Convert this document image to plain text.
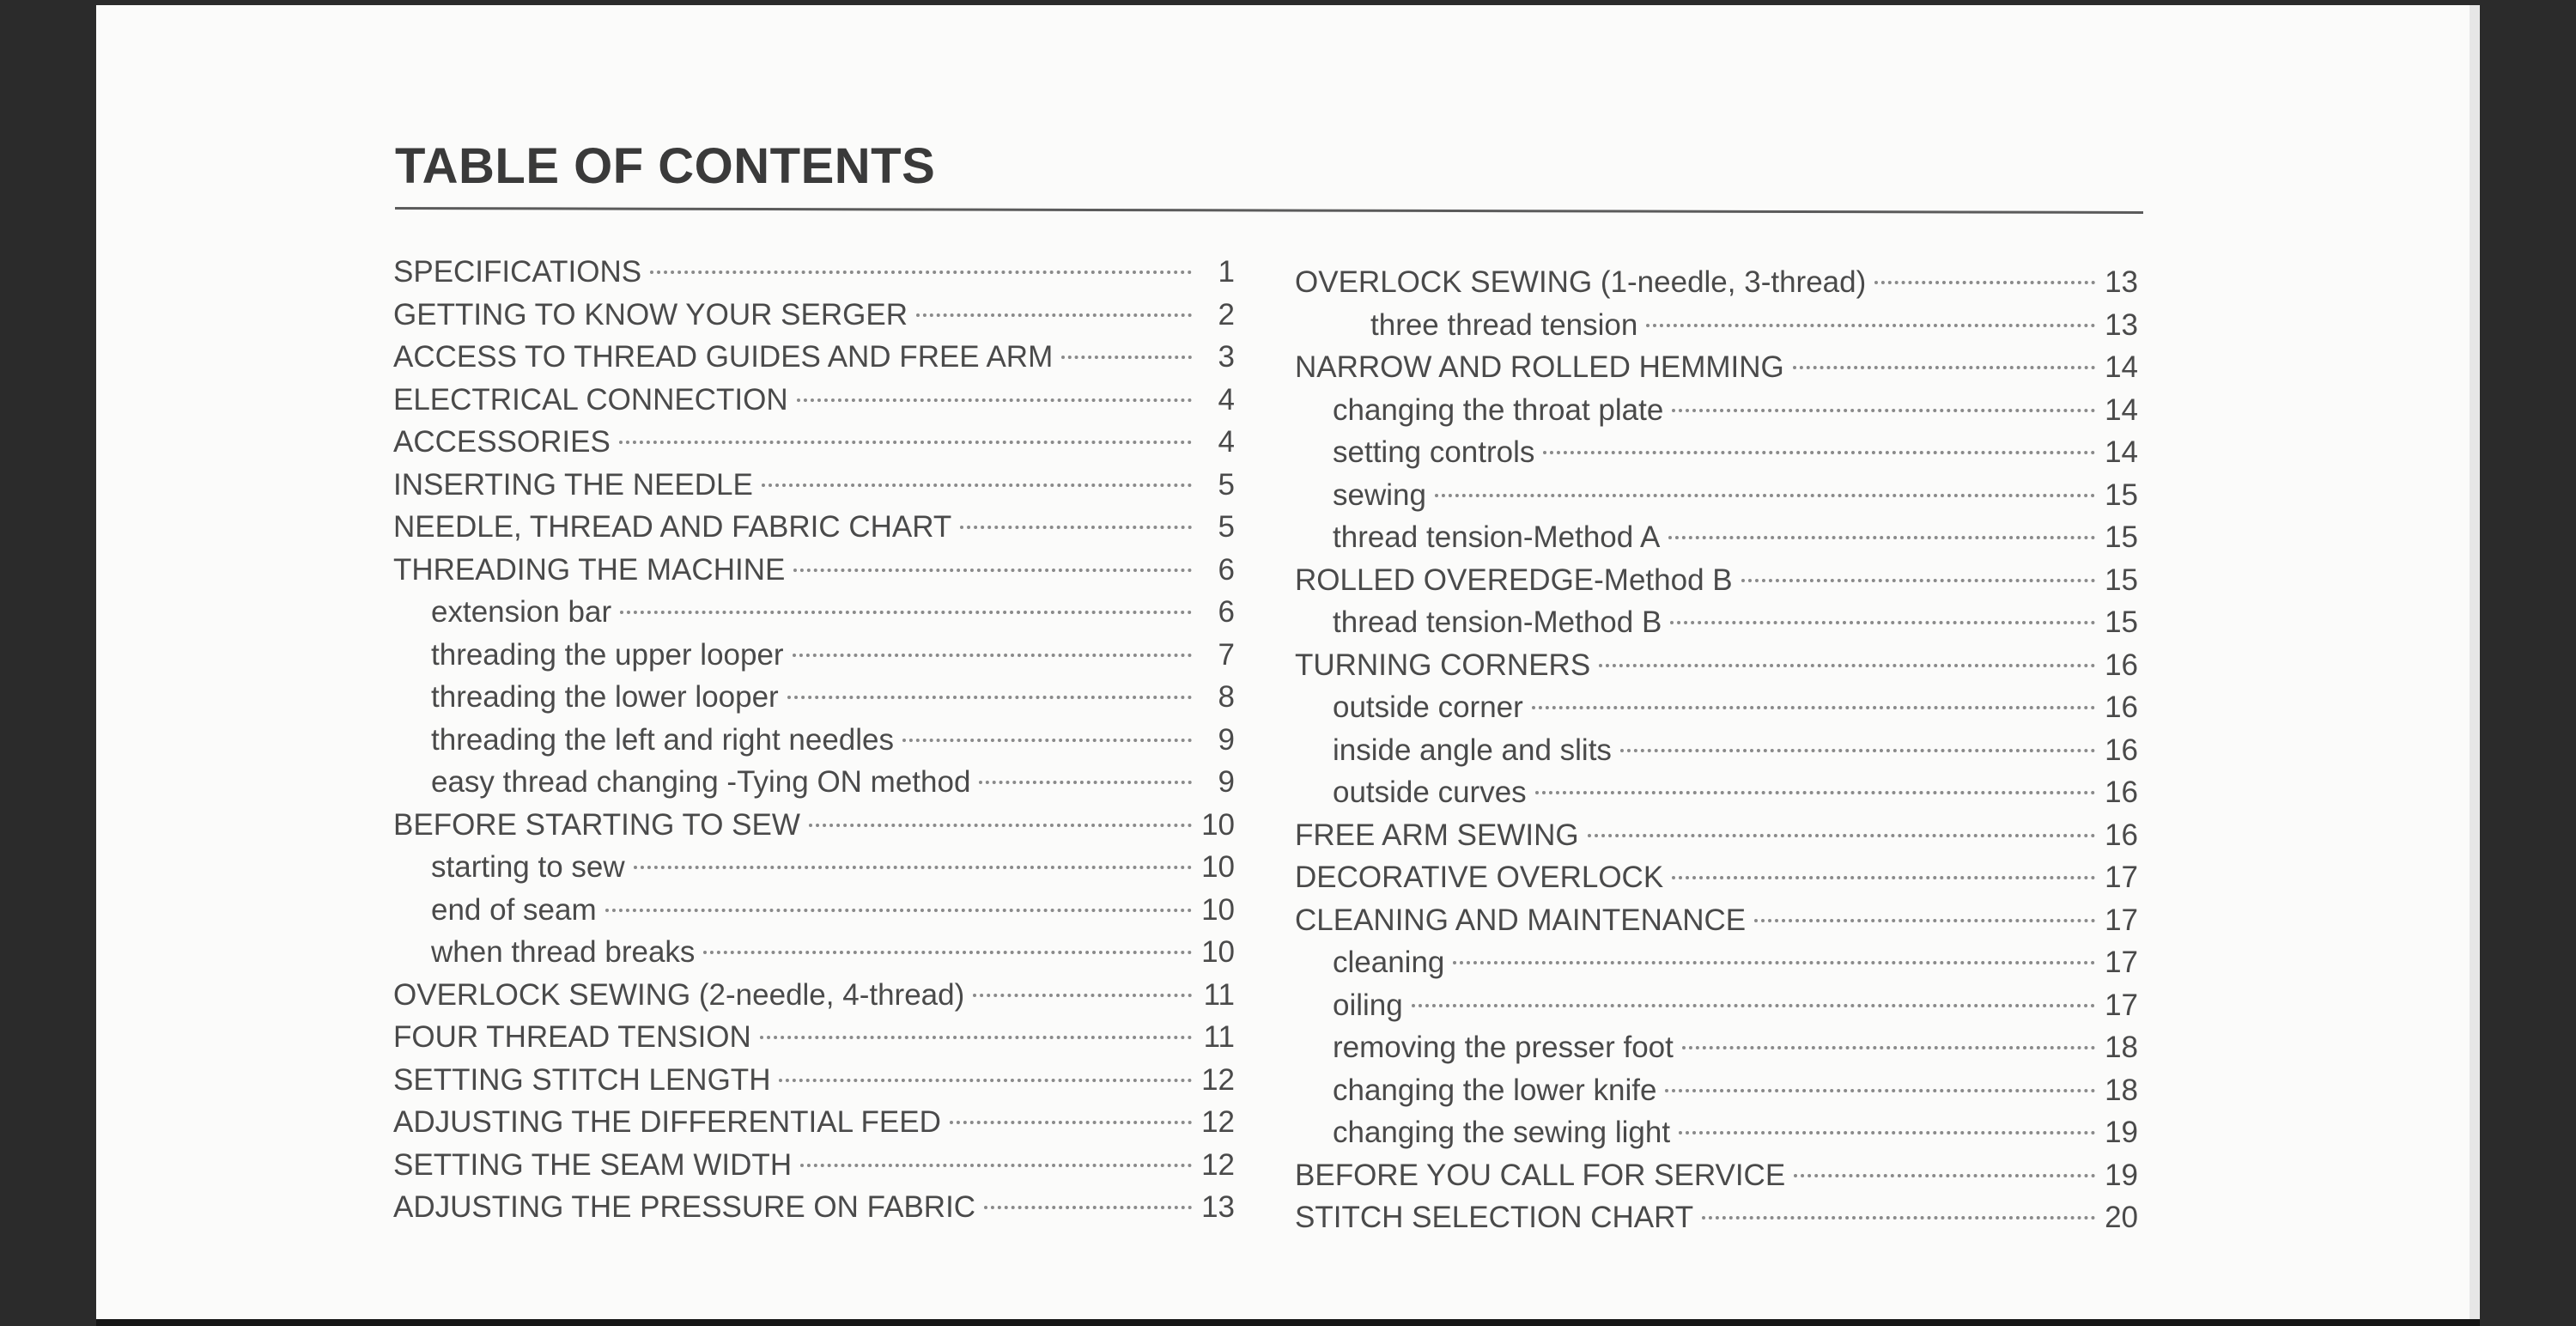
TABLE OF CONTENTS
SPECIFICATIONS	1
GETTING TO KNOW YOUR SERGER	2
ACCESS TO THREAD GUIDES AND FREE ARM	3
ELECTRICAL CONNECTION	4
ACCESSORIES	4
INSERTING THE NEEDLE	5
NEEDLE, THREAD AND FABRIC CHART	5
THREADING THE MACHINE	6
extension bar	6
threading the upper looper	7
threading the lower looper	8
threading the left and right needles	9
easy thread changing -Tying ON method	9
BEFORE STARTING TO SEW	10
starting to sew	10
end of seam	10
when thread breaks	10
OVERLOCK SEWING (2-needle, 4-thread)	11
FOUR THREAD TENSION	11
SETTING STITCH LENGTH	12
ADJUSTING THE DIFFERENTIAL FEED	12
SETTING THE SEAM WIDTH	12
ADJUSTING THE PRESSURE ON FABRIC	13
OVERLOCK SEWING (1-needle, 3-thread)	13
three thread tension	13
NARROW AND ROLLED HEMMING	14
changing the throat plate	14
setting controls	14
sewing	15
thread tension-Method A	15
ROLLED OVEREDGE-Method B	15
thread tension-Method B	15
TURNING CORNERS	16
outside corner	16
inside angle and slits	16
outside curves	16
FREE ARM SEWING	16
DECORATIVE OVERLOCK	17
CLEANING AND MAINTENANCE	17
cleaning	17
oiling	17
removing the presser foot	18
changing the lower knife	18
changing the sewing light	19
BEFORE YOU CALL FOR SERVICE	19
STITCH SELECTION CHART	20
